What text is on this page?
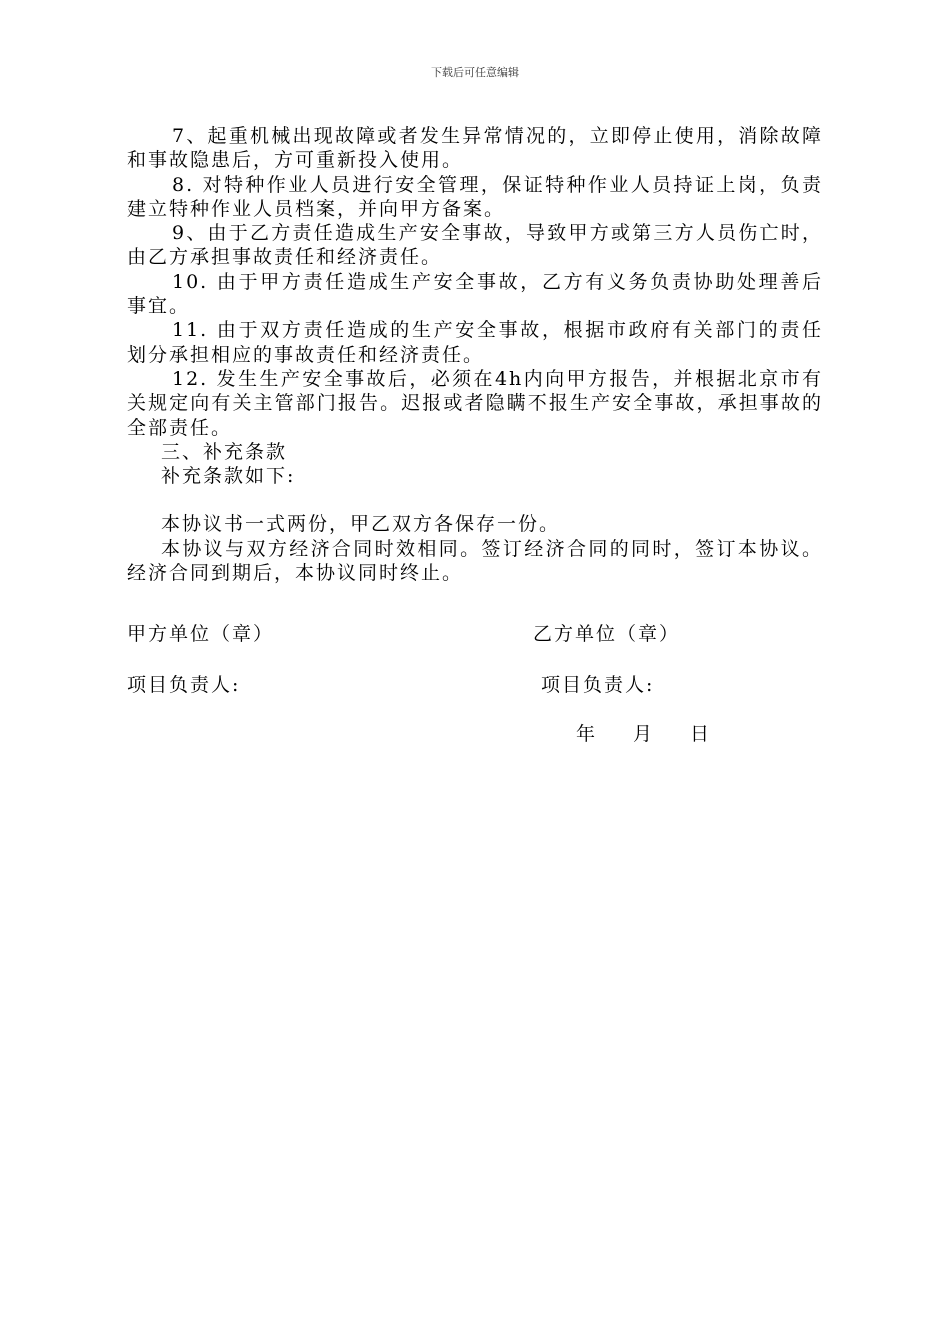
下载后可任意编辑

7、起重机械出现故障或者发生异常情况的，立即停止使用，消除故障和事故隐患后，方可重新投入使用。

8. 对特种作业人员进行安全管理，保证特种作业人员持证上岗，负责建立特种作业人员档案，并向甲方备案。

9、由于乙方责任造成生产安全事故，导致甲方或第三方人员伤亡时，由乙方承担事故责任和经济责任。

10. 由于甲方责任造成生产安全事故，乙方有义务负责协助处理善后事宜。

11. 由于双方责任造成的生产安全事故，根据市政府有关部门的责任划分承担相应的事故责任和经济责任。

12. 发生生产安全事故后，必须在4h内向甲方报告，并根据北京市有关规定向有关主管部门报告。迟报或者隐瞒不报生产安全事故，承担事故的全部责任。

三、补充条款

补充条款如下:

本协议书一式两份，甲乙双方各保存一份。

本协议与双方经济合同时效相同。签订经济合同的同时，签订本协议。经济合同到期后，本协议同时终止。

甲方单位（章）	乙方单位（章）
项目负责人:	项目负责人:
年 月 日
